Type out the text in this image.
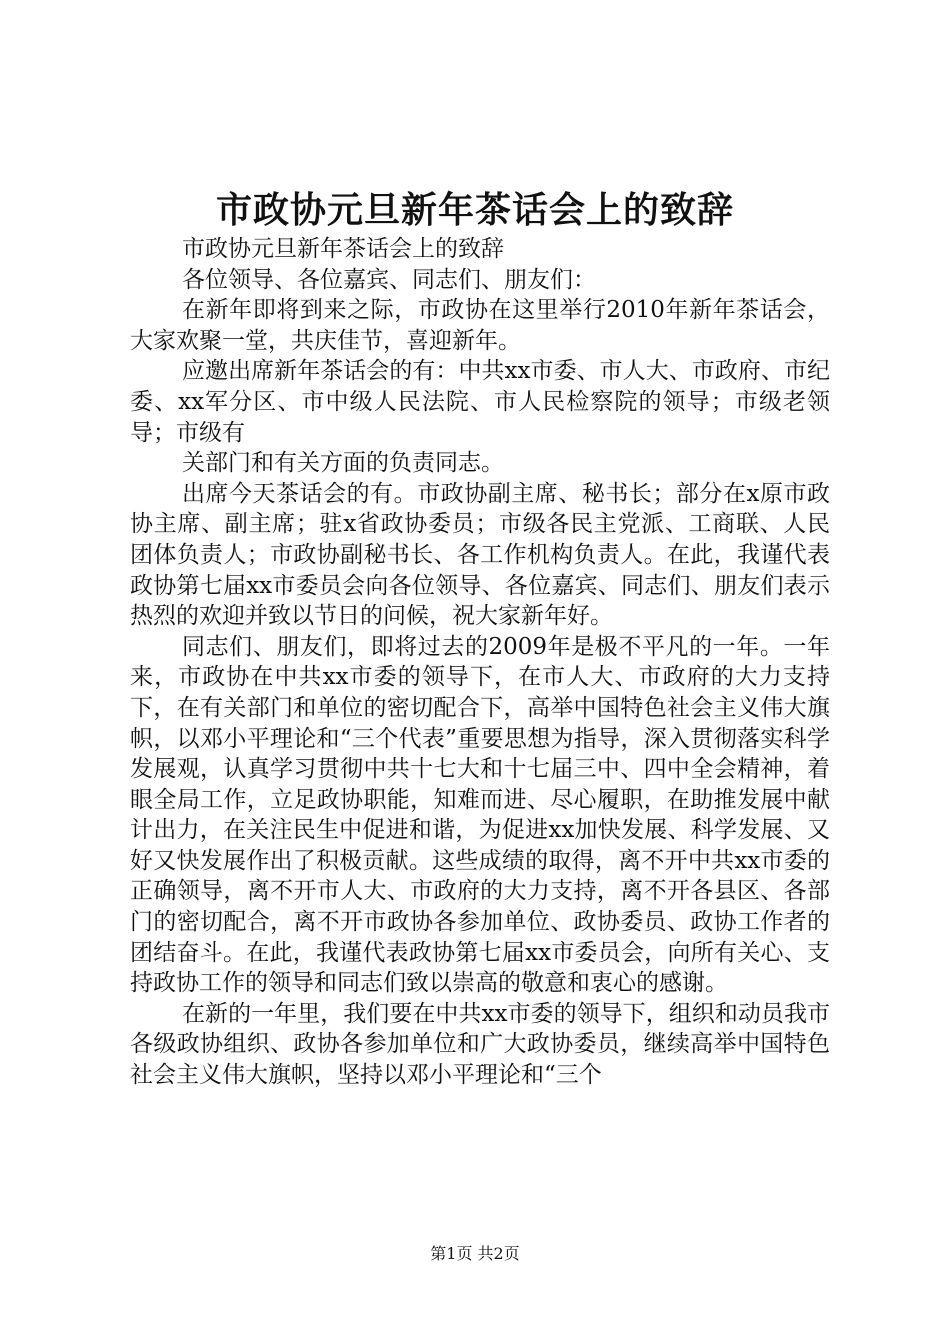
市政协元旦新年茶话会上的致辞

市政协元旦新年茶话会上的致辞

各位领导、各位嘉宾、同志们、朋友们：

在新年即将到来之际，市政协在这里举行2010年新年茶话会，大家欢聚一堂，共庆佳节，喜迎新年。

应邀出席新年茶话会的有：中共xx市委、市人大、市政府、市纪委、xx军分区、市中级人民法院、市人民检察院的领导；市级老领导；市级有

关部门和有关方面的负责同志。

出席今天茶话会的有。市政协副主席、秘书长；部分在x原市政协主席、副主席；驻x省政协委员；市级各民主党派、工商联、人民团体负责人；市政协副秘书长、各工作机构负责人。在此，我谨代表政协第七届xx市委员会向各位领导、各位嘉宾、同志们、朋友们表示热烈的欢迎并致以节日的问候，祝大家新年好。

同志们、朋友们，即将过去的2009年是极不平凡的一年。一年来，市政协在中共xx市委的领导下，在市人大、市政府的大力支持下，在有关部门和单位的密切配合下，高举中国特色社会主义伟大旗帜，以邓小平理论和“三个代表”重要思想为指导，深入贯彻落实科学发展观，认真学习贯彻中共十七大和十七届三中、四中全会精神，着眼全局工作，立足政协职能，知难而进、尽心履职，在助推发展中献计出力，在关注民生中促进和谐，为促进xx加快发展、科学发展、又好又快发展作出了积极贡献。这些成绩的取得，离不开中共xx市委的正确领导，离不开市人大、市政府的大力支持，离不开各县区、各部门的密切配合，离不开市政协各参加单位、政协委员、政协工作者的团结奋斗。在此，我谨代表政协第七届xx市委员会，向所有关心、支持政协工作的领导和同志们致以崇高的敬意和衷心的感谢。

在新的一年里，我们要在中共xx市委的领导下，组织和动员我市各级政协组织、政协各参加单位和广大政协委员，继续高举中国特色社会主义伟大旗帜，坚持以邓小平理论和“三个

第1页 共2页
